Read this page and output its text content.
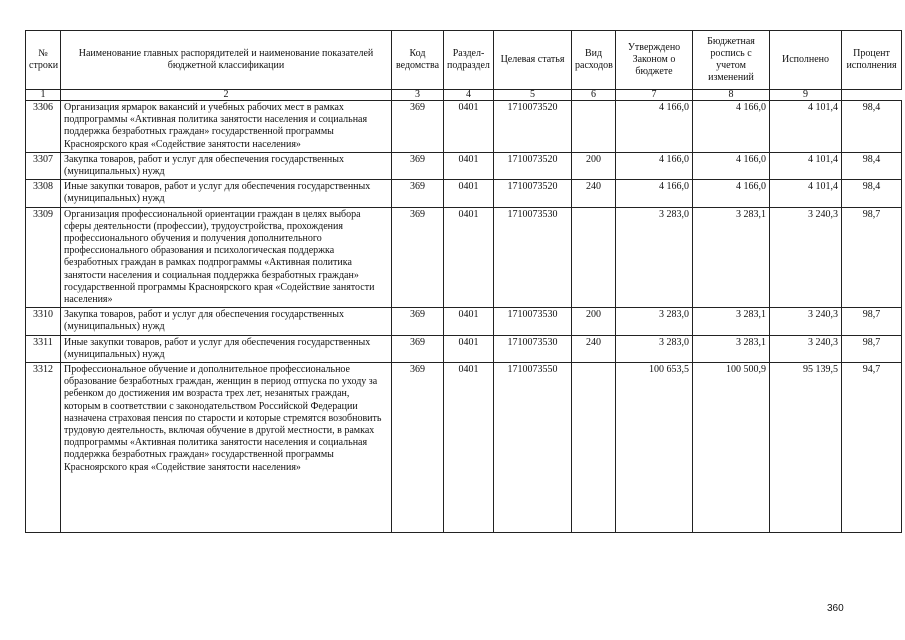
№ строки	Наименование главных распорядителей и наименование показателей бюджетной классификации	Код ведомства	Раздел-подраздел	Целевая статья	Вид расходов	Утверждено Законом о бюджете	Бюджетная роспись с учетом изменений	Исполнено	Процент исполнения
1	2	3	4	5	6	7	8	9	
3306	Организация ярмарок вакансий и учебных рабочих мест в рамках подпрограммы «Активная политика занятости населения и социальная поддержка безработных граждан» государственной программы Красноярского края «Содействие занятости населения»	369	0401	1710073520		4 166,0	4 166,0	4 101,4	98,4
3307	Закупка товаров, работ и услуг для обеспечения государственных (муниципальных) нужд	369	0401	1710073520	200	4 166,0	4 166,0	4 101,4	98,4
3308	Иные закупки товаров, работ и услуг для обеспечения государственных (муниципальных) нужд	369	0401	1710073520	240	4 166,0	4 166,0	4 101,4	98,4
3309	Организация профессиональной ориентации граждан в целях выбора сферы деятельности (профессии), трудоустройства, прохождения профессионального обучения и получения дополнительного профессионального образования и психологическая поддержка безработных граждан в рамках подпрограммы «Активная политика занятости населения и социальная поддержка безработных граждан» государственной программы Красноярского края «Содействие занятости населения»	369	0401	1710073530		3 283,0	3 283,1	3 240,3	98,7
3310	Закупка товаров, работ и услуг для обеспечения государственных (муниципальных) нужд	369	0401	1710073530	200	3 283,0	3 283,1	3 240,3	98,7
3311	Иные закупки товаров, работ и услуг для обеспечения государственных (муниципальных) нужд	369	0401	1710073530	240	3 283,0	3 283,1	3 240,3	98,7
3312	Профессиональное обучение и дополнительное профессиональное образование безработных граждан, женщин в период отпуска по уходу за ребенком до достижения им возраста трех лет, незанятых граждан, которым в соответствии с законодательством Российской Федерации назначена страховая пенсия по старости и которые стремятся возобновить трудовую деятельность, включая обучение в другой местности, в рамках подпрограммы «Активная политика занятости населения и социальная поддержка безработных граждан» государственной программы Красноярского края «Содействие занятости населения»	369	0401	1710073550		100 653,5	100 500,9	95 139,5	94,7
360
